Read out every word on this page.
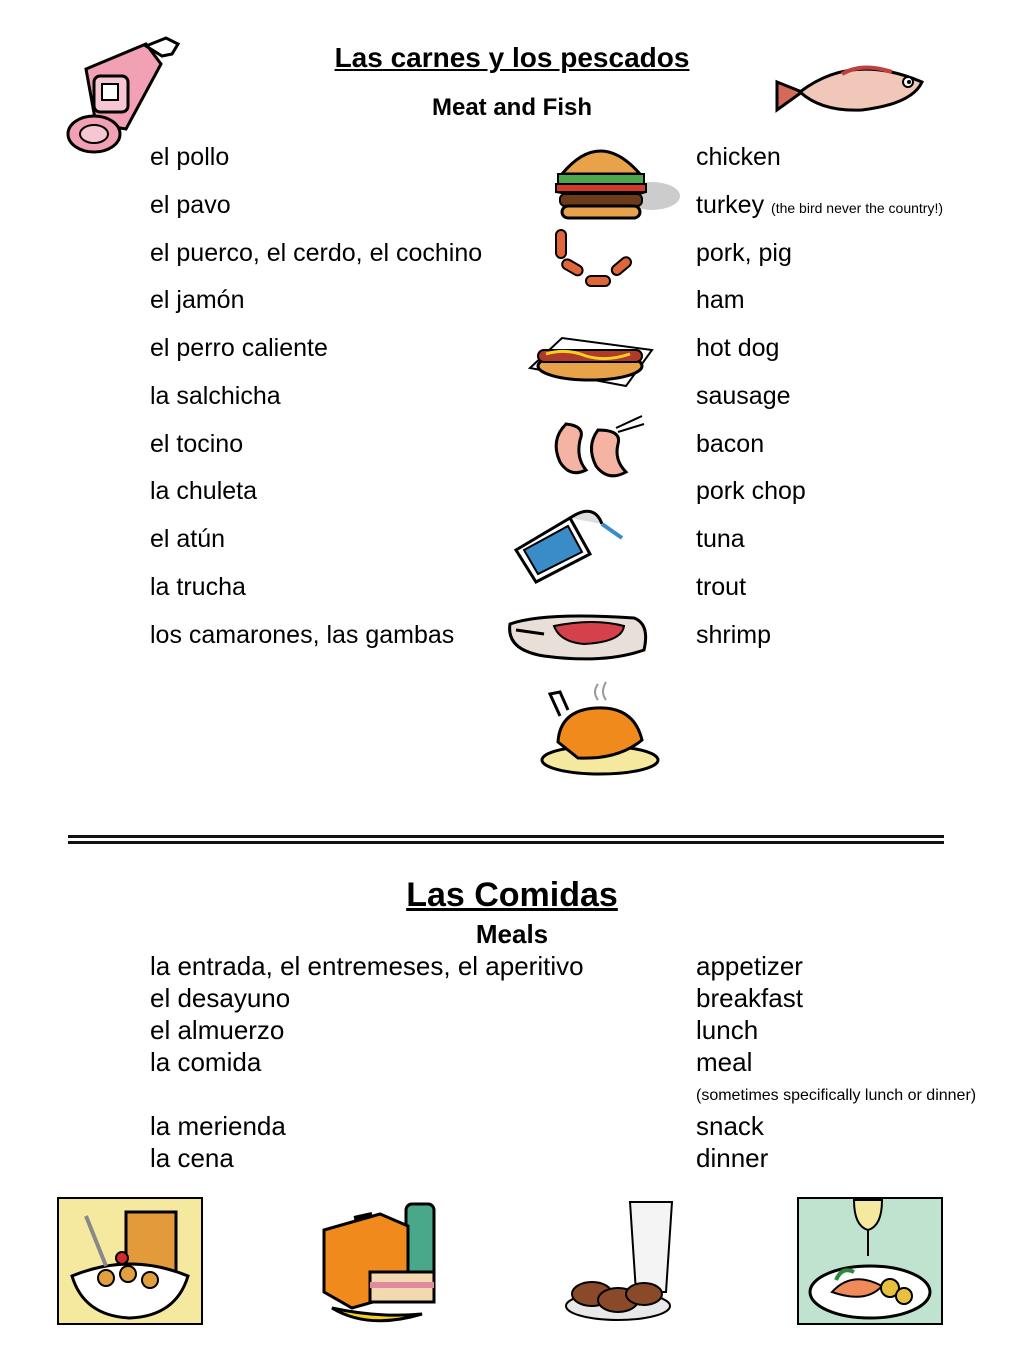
Las carnes y los pescados
Meat and Fish
el pollo	chicken
el pavo	turkey (the bird never the country!)
el puerco, el cerdo, el cochino	pork, pig
el jamón	ham
el perro caliente	hot dog
la salchicha	sausage
el tocino	bacon
la chuleta	pork chop
el atún	tuna
la trucha	trout
los camarones, las gambas	shrimp
Las Comidas
Meals
la entrada, el entremeses, el aperitivo	appetizer
el desayuno	breakfast
el almuerzo	lunch
la comida	meal
(sometimes specifically lunch or dinner)
la merienda	snack
la cena	dinner
